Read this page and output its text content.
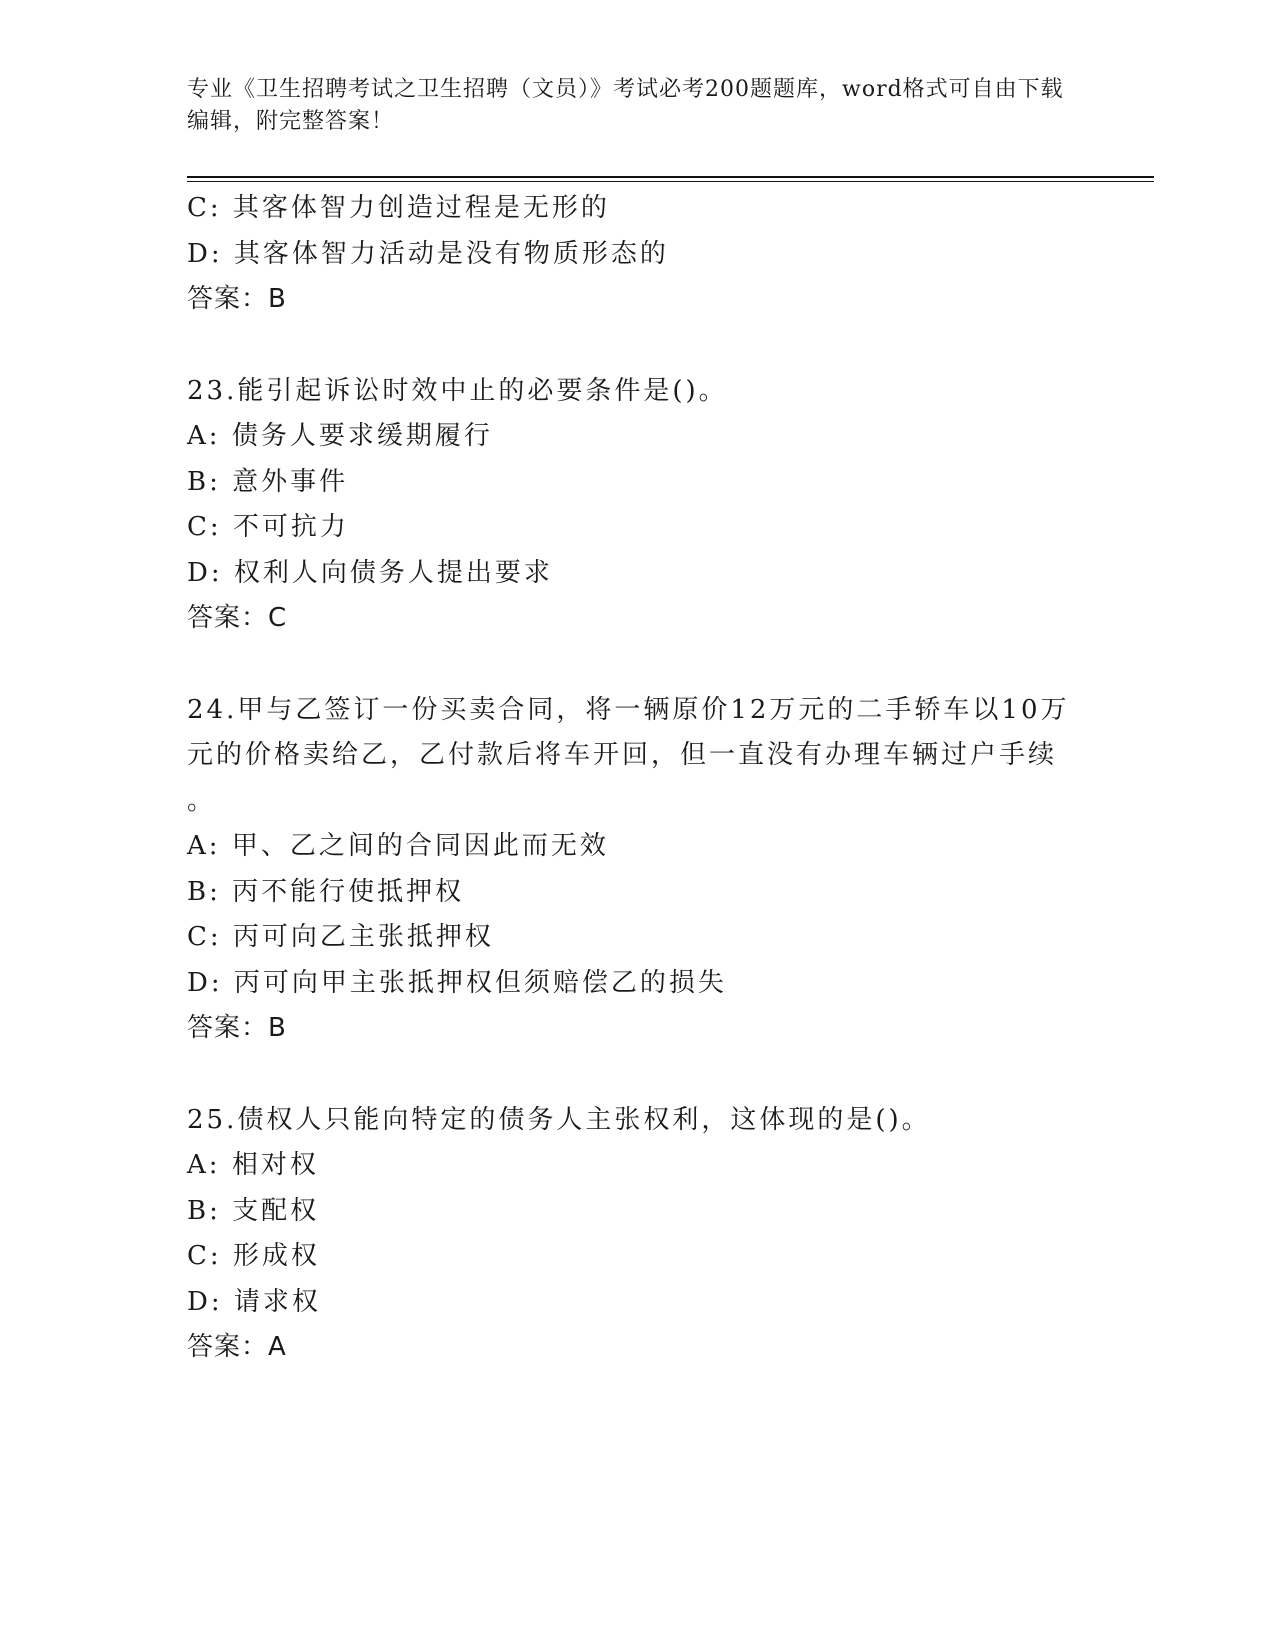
专业《卫生招聘考试之卫生招聘（文员）》考试必考200题题库，word格式可自由下载编辑，附完整答案！
C: 其客体智力创造过程是无形的
D: 其客体智力活动是没有物质形态的
答案：B
23.能引起诉讼时效中止的必要条件是()。
A: 债务人要求缓期履行
B: 意外事件
C: 不可抗力
D: 权利人向债务人提出要求
答案：C
24.甲与乙签订一份买卖合同，将一辆原价12万元的二手轿车以10万
元的价格卖给乙，乙付款后将车开回，但一直没有办理车辆过户手续
。
A: 甲、乙之间的合同因此而无效
B: 丙不能行使抵押权
C: 丙可向乙主张抵押权
D: 丙可向甲主张抵押权但须赔偿乙的损失
答案：B
25.债权人只能向特定的债务人主张权利，这体现的是()。
A: 相对权
B: 支配权
C: 形成权
D: 请求权
答案：A
